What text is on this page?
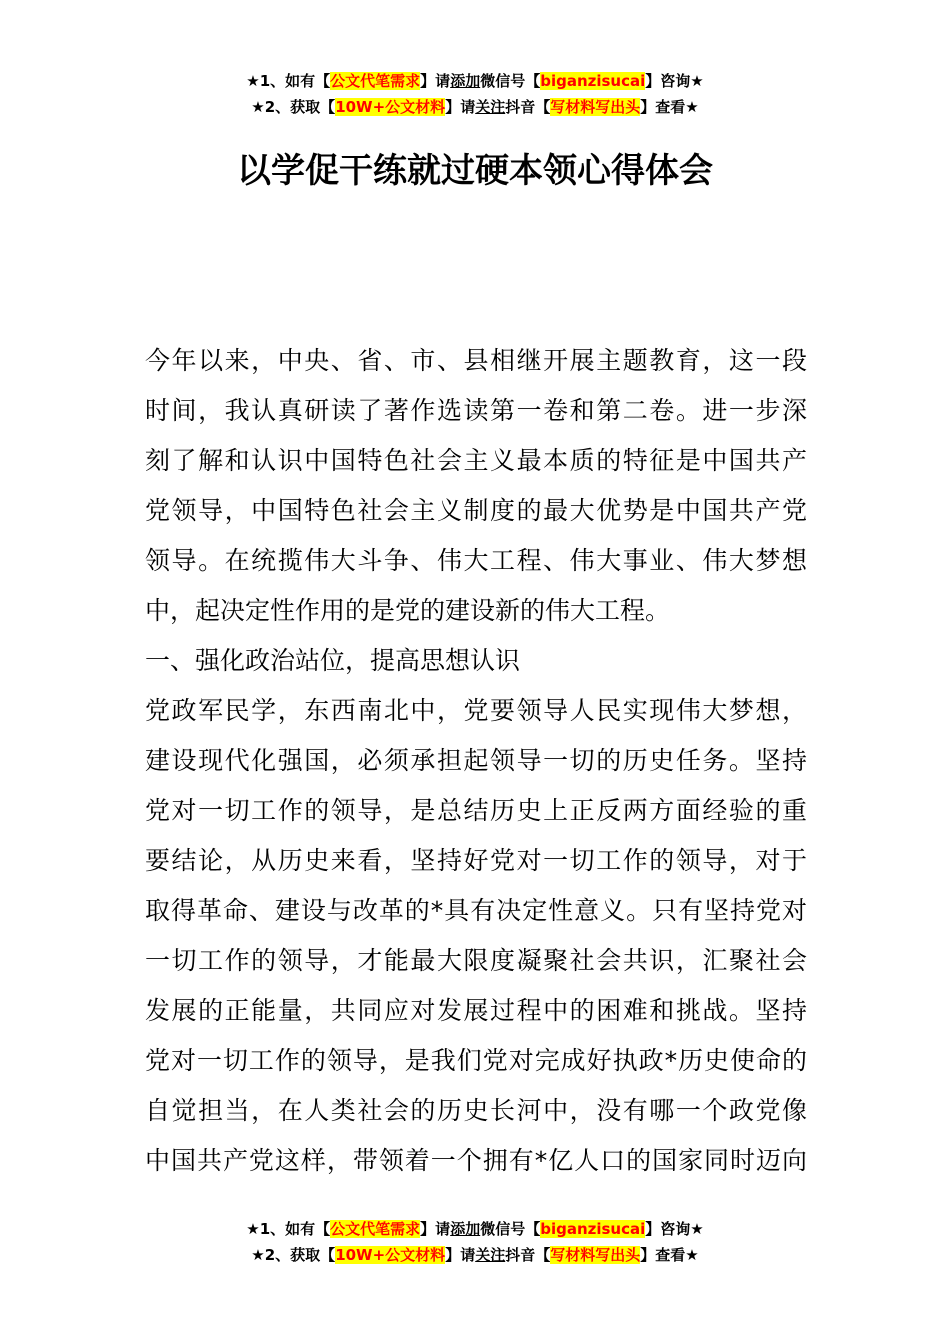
★1、如有【公文代笔需求】请添加微信号【biganzisucai】咨询★
★2、获取【10W+公文材料】请关注抖音【写材料写出头】查看★
以学促干练就过硬本领心得体会
今年以来，中央、省、市、县相继开展主题教育，这一段
时间，我认真研读了著作选读第一卷和第二卷。进一步深
刻了解和认识中国特色社会主义最本质的特征是中国共产
党领导，中国特色社会主义制度的最大优势是中国共产党
领导。在统揽伟大斗争、伟大工程、伟大事业、伟大梦想
中，起决定性作用的是党的建设新的伟大工程。
一、强化政治站位，提高思想认识
党政军民学，东西南北中，党要领导人民实现伟大梦想，
建设现代化强国，必须承担起领导一切的历史任务。坚持
党对一切工作的领导，是总结历史上正反两方面经验的重
要结论，从历史来看，坚持好党对一切工作的领导，对于
取得革命、建设与改革的*具有决定性意义。只有坚持党对
一切工作的领导，才能最大限度凝聚社会共识，汇聚社会
发展的正能量，共同应对发展过程中的困难和挑战。坚持
党对一切工作的领导，是我们党对完成好执政*历史使命的
自觉担当，在人类社会的历史长河中，没有哪一个政党像
中国共产党这样，带领着一个拥有*亿人口的国家同时迈向
★1、如有【公文代笔需求】请添加微信号【biganzisucai】咨询★
★2、获取【10W+公文材料】请关注抖音【写材料写出头】查看★
